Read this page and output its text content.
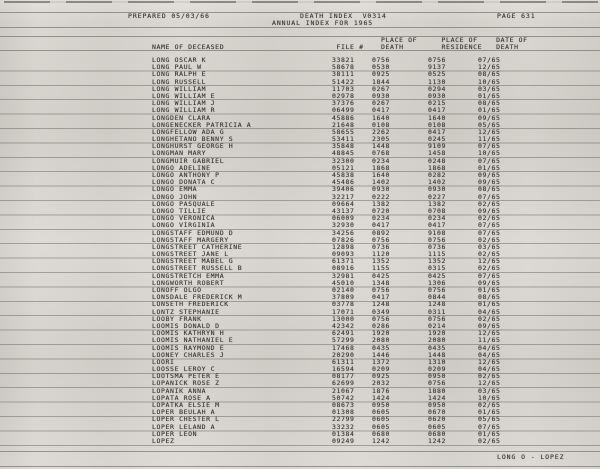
PREPARED 05/03/66	DEATH INDEX  V0314
ANNUAL INDEX FOR 1965
PAGE 631
PLACE OF	PLACE OF	DATE OF
NAME OF DECEASED	FILE #	DEATH	RESIDENCE DEATH
LONG OSCAR K	33821	0756	0756	07/65
LONG PAUL W	58678	0530	9137	12/65
LONG RALPH E	38111	0925	0525	08/65
LONG RUSSELL	51422	1844	1130	10/65
LONG WILLIAM	11703	0267	0294	03/65
LONG WILLIAM E	02978	0930	0930	01/65
LONG WILLIAM J	37376	0267	0215	08/65
LONG WILLIAM R	06499	0417	0417	01/65
LONGDEN CLARA	45886	1640	1640	09/65
LONGENECKER PATRICIA A	21648	0108	0108	05/65
LONGFELLOW ADA G	58655	2262	0417	12/65
LONGHETANO BENNY S	53411	2305	0245	11/65
LONGHURST GEORGE H	35848	1448	9109	07/65
LONGMAN MARY	48845	0768	1458	10/65
LONGMUIR GABRIEL	32300	0234	0248	07/65
LONGO ADELINE	05121	1868	1868	01/65
LONGO ANTHONY P	45838	1640	0282	09/65
LONGO DONATA C	45486	1402	1402	09/65
LONGO EMMA	39406	0930	0930	08/65
LONGO JOHN	32217	0222	0227	07/65
LONGO PASQUALE	09664	1382	1382	02/65
LONGO TILLIE	43137	0720	0708	09/65
LONGO VERONICA	06009	0234	0234	02/65
LONGO VIRGINIA	32930	0417	0417	07/65
LONGSTAFF EDMUND D	34256	0892	9108	07/65
LONGSTAFF MARGERY	07826	0756	0756	02/65
LONGSTREET CATHERINE	12898	0736	0736	03/65
LONGSTREET JANE L	09093	1120	1115	02/65
LONGSTREET MABEL G	61371	1352	1352	12/65
LONGSTREET RUSSELL B	08916	1155	0315	02/65
LONGSTRETCH EMMA	32981	0425	0425	07/65
LONGWORTH ROBERT	45010	1348	1306	09/65
LONOFF OLGO	02140	0756	0756	01/65
LONSDALE FREDERICK M	37809	0417	0844	08/65
LONSETH FREDERICK	03778	1248	1248	01/65
LONTZ STEPHANIE	17071	0349	0311	04/65
LOOBY FRANK	13000	0756	0756	02/65
LOOMIS DONALD D	42342	0286	0214	09/65
LOOMIS KATHRYN H	62491	1920	1920	12/65
LOOMIS NATHANIEL E	57299	2080	2080	11/65
LOOMIS RAYMOND E	17468	0435	0435	04/65
LOONEY CHARLES J	20290	1446	1448	04/65
LOORI	61311	1372	1310	12/65
LOOSSE LEROY C	16594	0209	0209	04/65
LOOTSMA PETER E	08177	0925	0950	02/65
LOPANICK ROSE Z	62699	2032	0756	12/65
LOPANIK ANNA	21067	1876	1880	03/65
LOPATA ROSE A	50742	1424	1424	10/65
LOPATKA ELSIE M	08673	0950	0950	02/65
LOPER BEULAH A	01308	0605	0670	01/65
LOPER CHESTER L	22799	0605	0620	05/65
LOPER LELAND A	33232	0605	0605	07/65
LOPER LEON	01384	0680	0680	01/65
LOPEZ	09249	1242	1242	02/65
LONG O - LOPEZ
